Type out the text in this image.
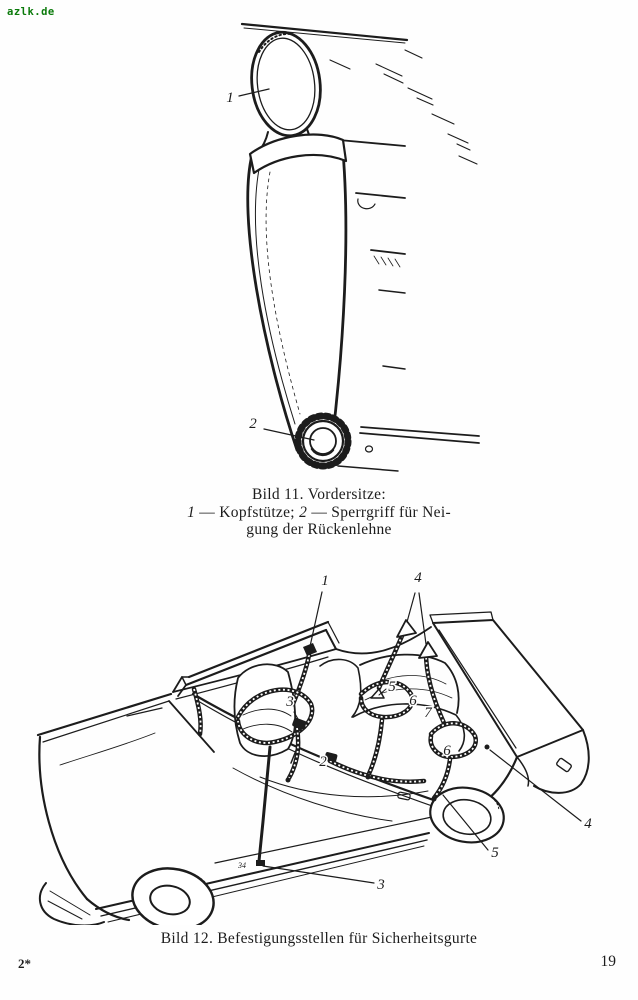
azlk.de
1
2
Bild 11. Vordersitze:
1 — Kopfstütze; 2 — Sperrgriff für Nei-
gung der Rückenlehne
1	4
5
6
7
6
3
2
3
5
4
34
Bild 12. Befestigungsstellen für Sicherheitsgurte
2*	19
